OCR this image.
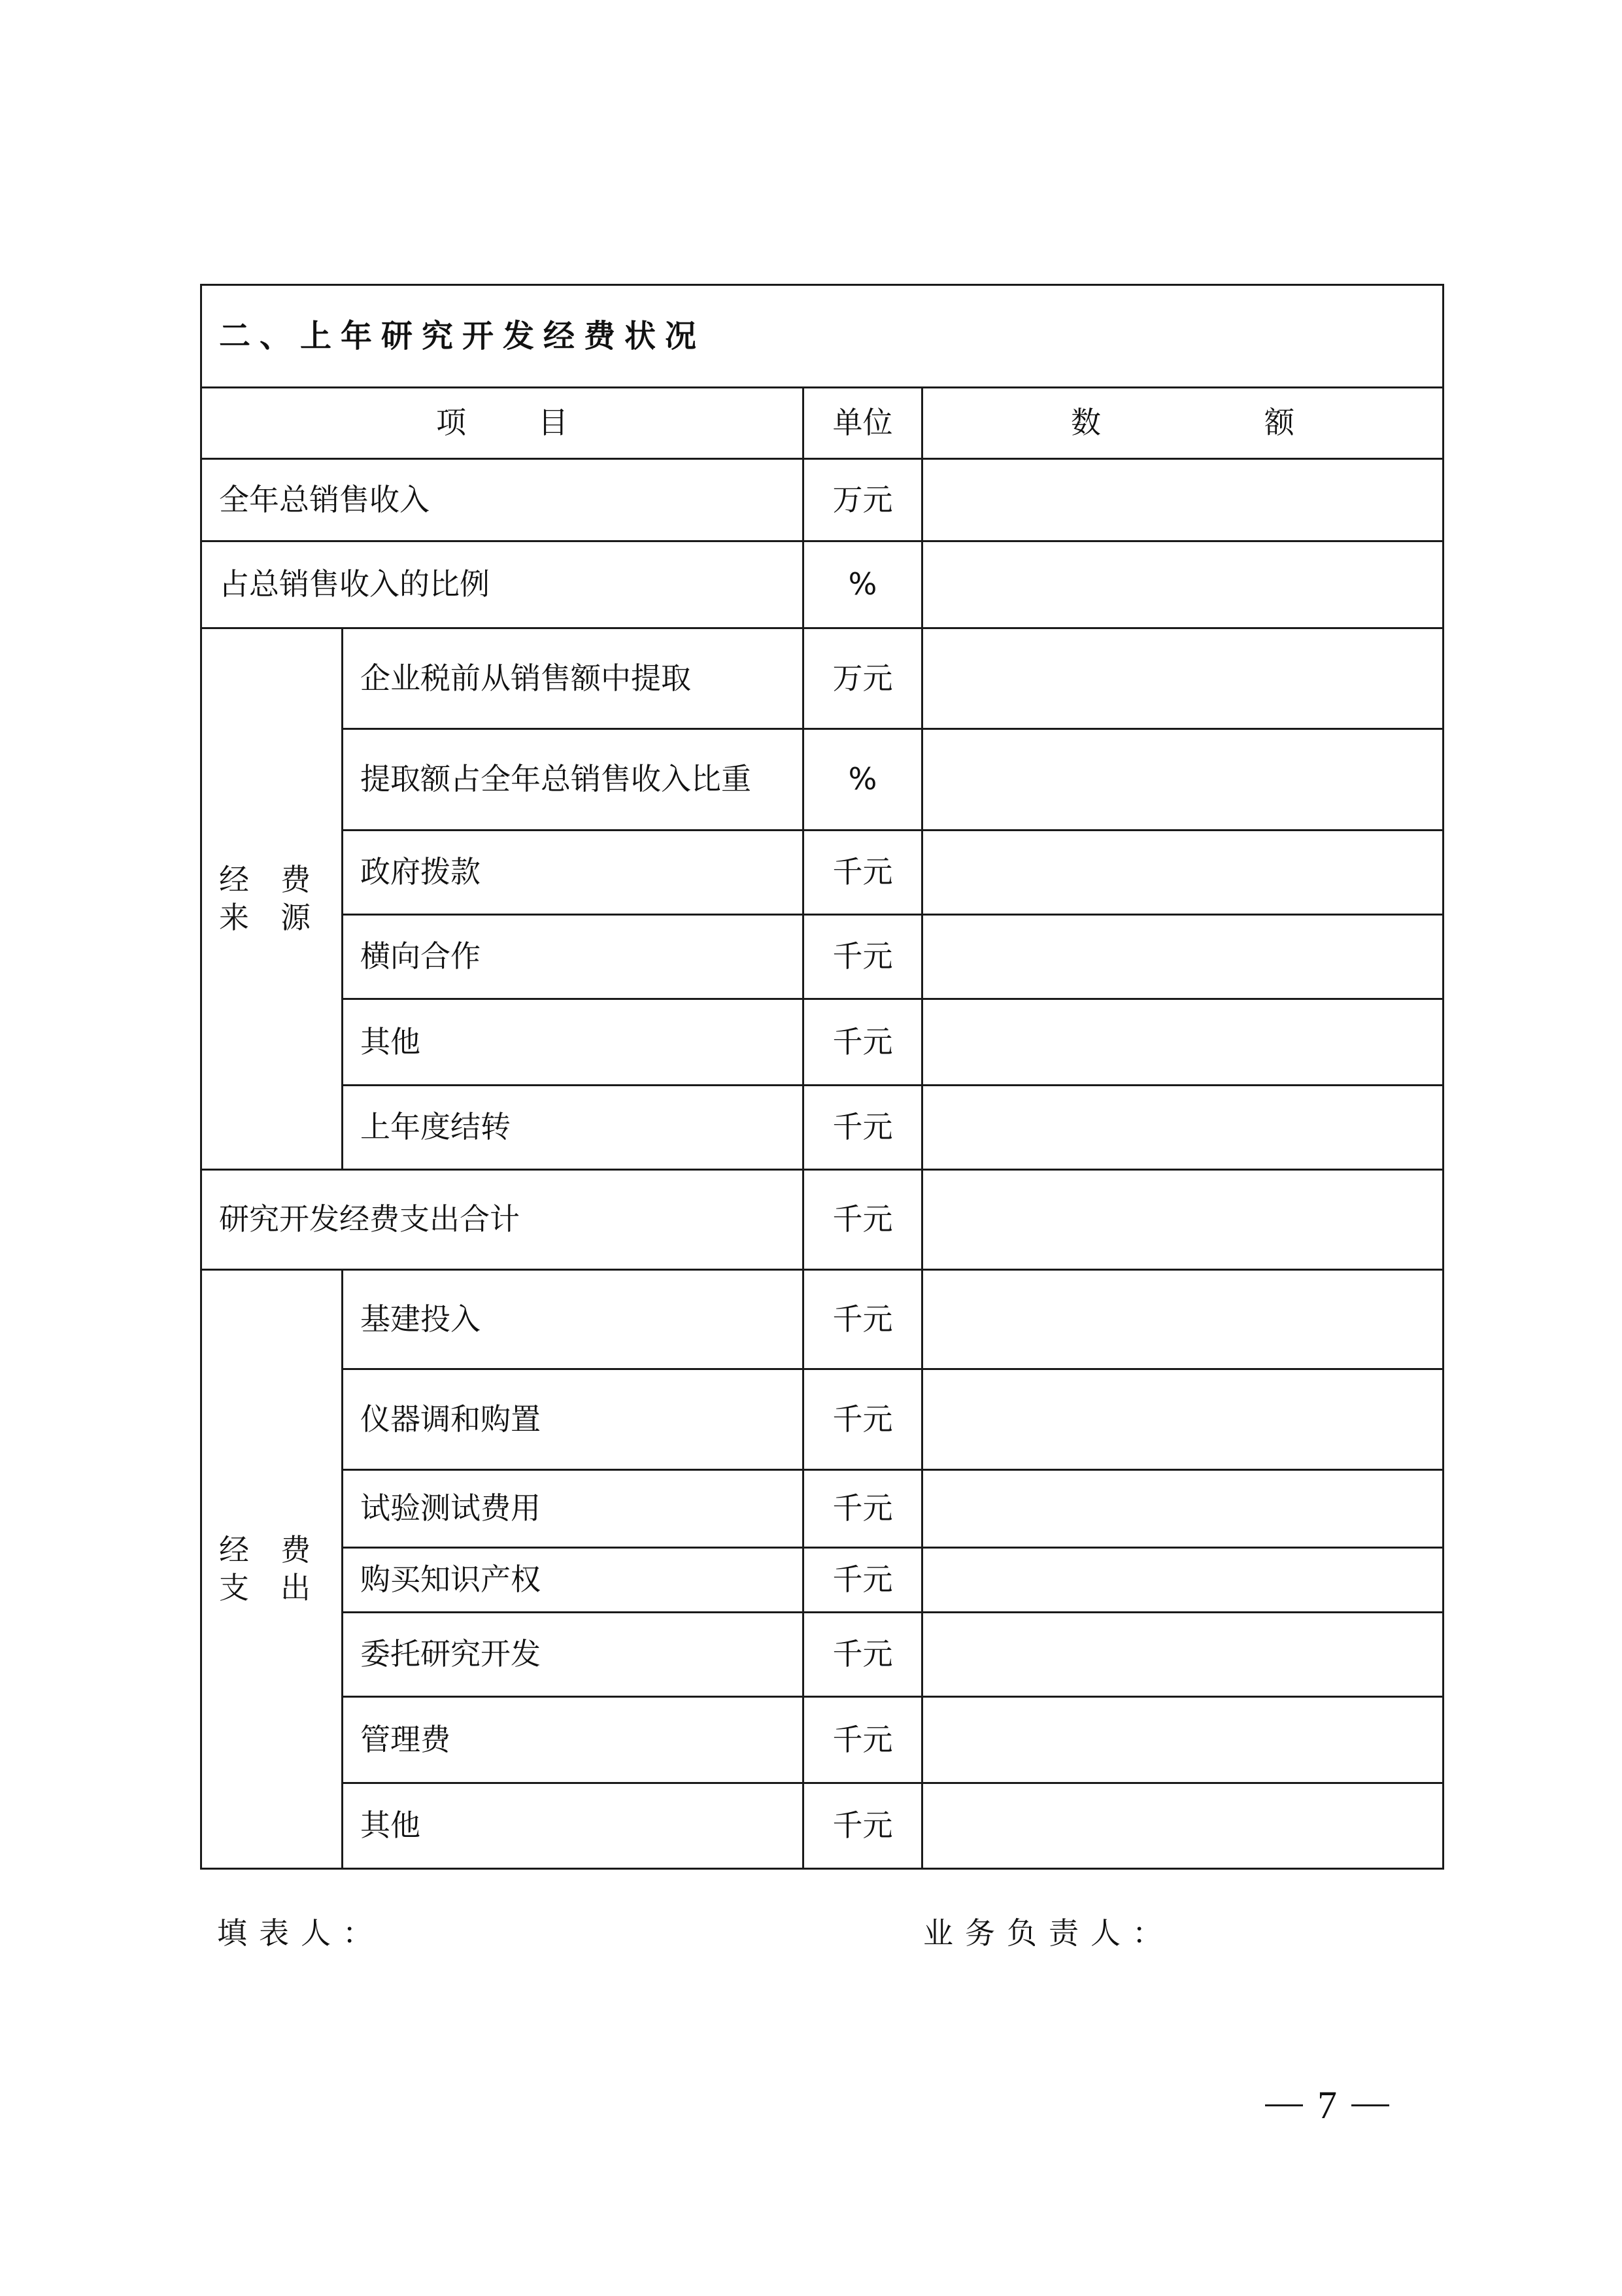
二、上年研究开发经费状况			
项 目		单位	数 额
全年总销售收入		万元	
占总销售收入的比例		%	

经 费
来 源	企业税前从销售额中提取	万元	
	提取额占全年总销售收入比重	%	
	政府拨款	千元	
	横向合作	千元	
	其他	千元	
	上年度结转	千元	
研究开发经费支出合计		千元	

经 费
支 出	基建投入	千元	
	仪器调和购置	千元	
	试验测试费用	千元	
	购买知识产权	千元	
	委托研究开发	千元	
	管理费	千元	
	其他	千元	
填表人：	业务负责人：
7
